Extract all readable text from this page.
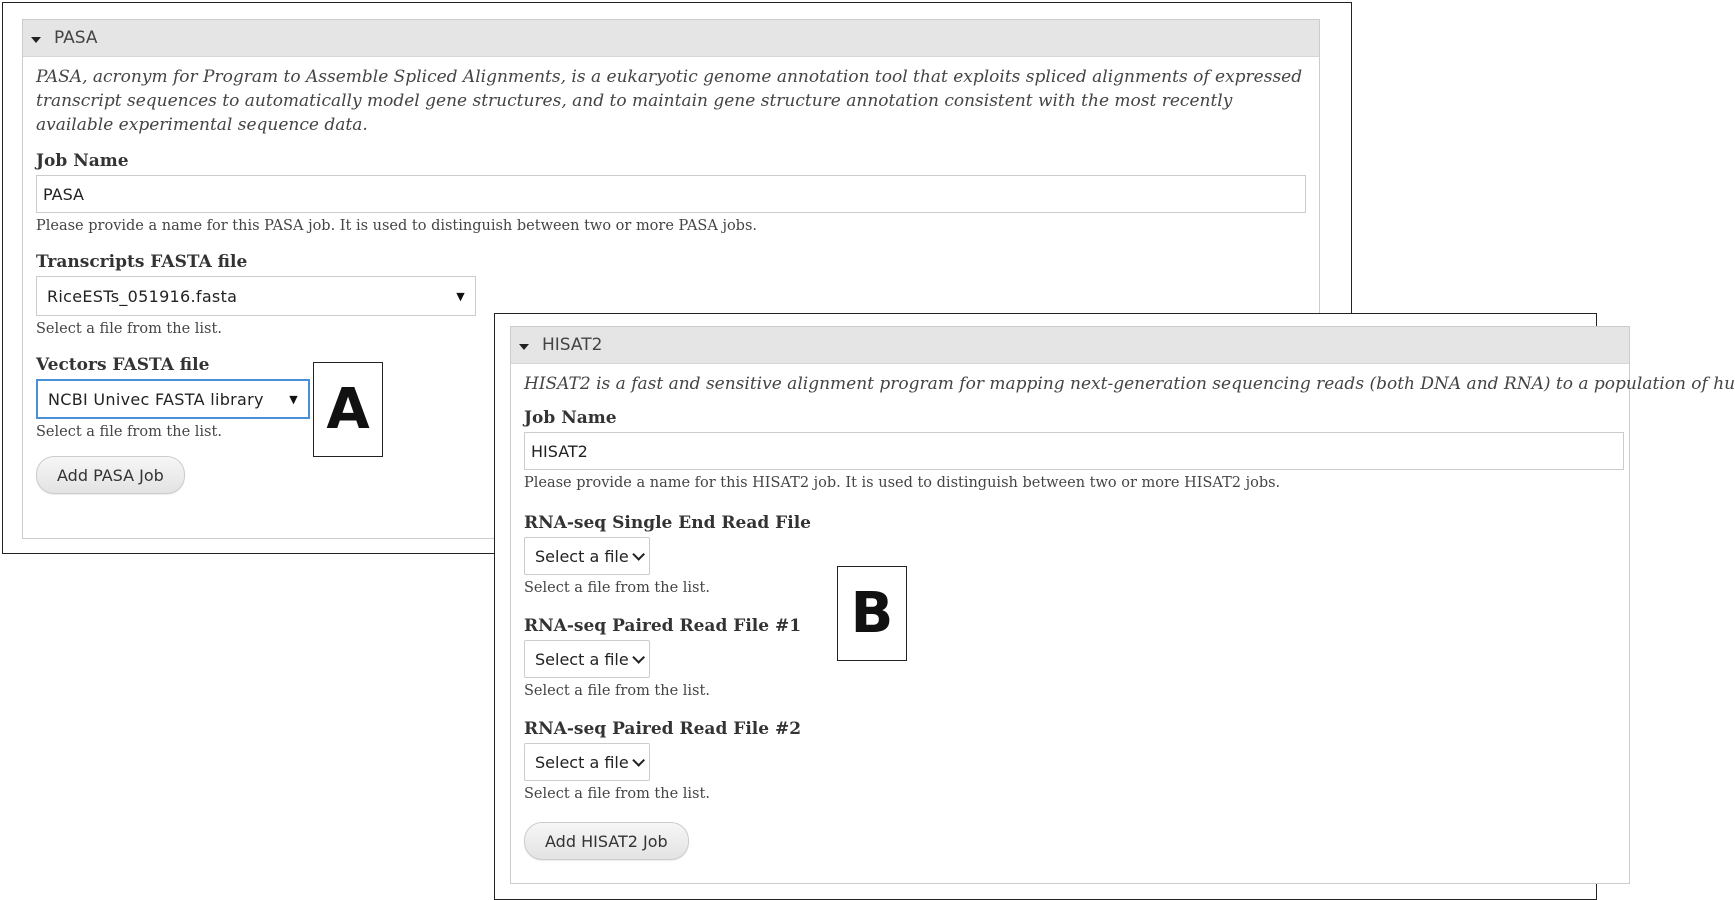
PASA

PASA, acronym for Program to Assemble Spliced Alignments, is a eukaryotic genome annotation tool that exploits spliced alignments of expressed transcript sequences to automatically model gene structures, and to maintain gene structure annotation consistent with the most recently available experimental sequence data.

Job Name
PASA
Please provide a name for this PASA job. It is used to distinguish between two or more PASA jobs.
Transcripts FASTA file
RiceESTs_051916.fasta	▼
Select a file from the list.
Vectors FASTA file
NCBI Univec FASTA library ▼
Select a file from the list.
Add PASA Job
HISAT2

HISAT2 is a fast and sensitive alignment program for mapping next-generation sequencing reads (both DNA and RNA) to a population of hu

Job Name
HISAT2
Please provide a name for this HISAT2 job. It is used to distinguish between two or more HISAT2 jobs.
RNA-seq Single End Read File
Select a file
Select a file from the list.
RNA-seq Paired Read File #1
Select a file
Select a file from the list.
RNA-seq Paired Read File #2
Select a file
Select a file from the list.
Add HISAT2 Job
A
B
